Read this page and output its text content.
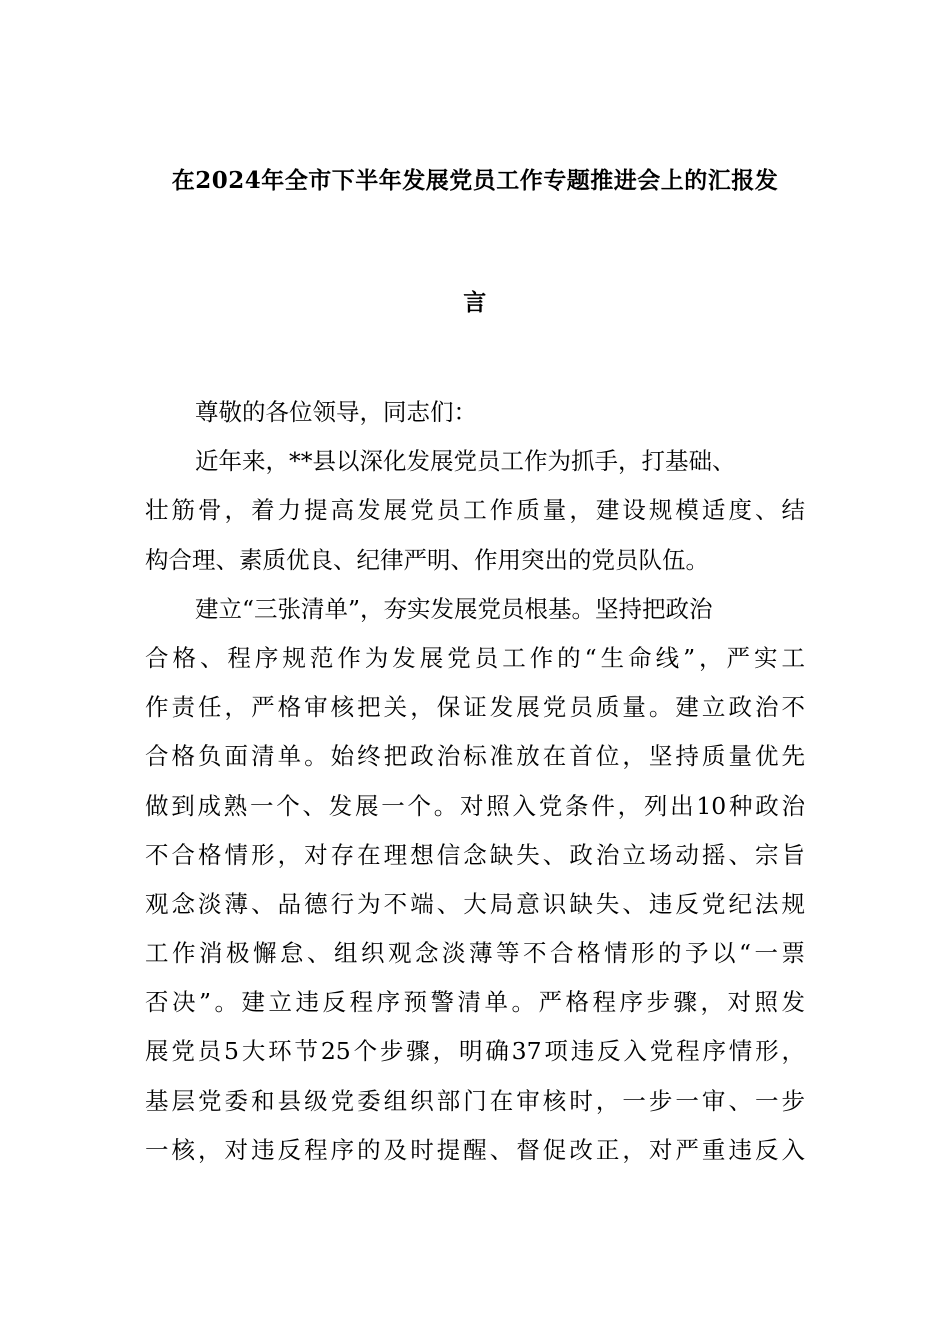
在2024年全市下半年发展党员工作专题推进会上的汇报发
言
尊敬的各位领导，同志们：
近年来，**县以深化发展党员工作为抓手，打基础、
壮筋骨，着力提高发展党员工作质量，建设规模适度、结
构合理、素质优良、纪律严明、作用突出的党员队伍。
建立“三张清单”，夯实发展党员根基。坚持把政治
合格、程序规范作为发展党员工作的“生命线”，严实工
作责任，严格审核把关，保证发展党员质量。建立政治不
合格负面清单。始终把政治标准放在首位，坚持质量优先
做到成熟一个、发展一个。对照入党条件，列出10种政治
不合格情形，对存在理想信念缺失、政治立场动摇、宗旨
观念淡薄、品德行为不端、大局意识缺失、违反党纪法规
工作消极懈怠、组织观念淡薄等不合格情形的予以“一票
否决”。建立违反程序预警清单。严格程序步骤，对照发
展党员5大环节25个步骤，明确37项违反入党程序情形，
基层党委和县级党委组织部门在审核时，一步一审、一步
一核，对违反程序的及时提醒、督促改正，对严重违反入
